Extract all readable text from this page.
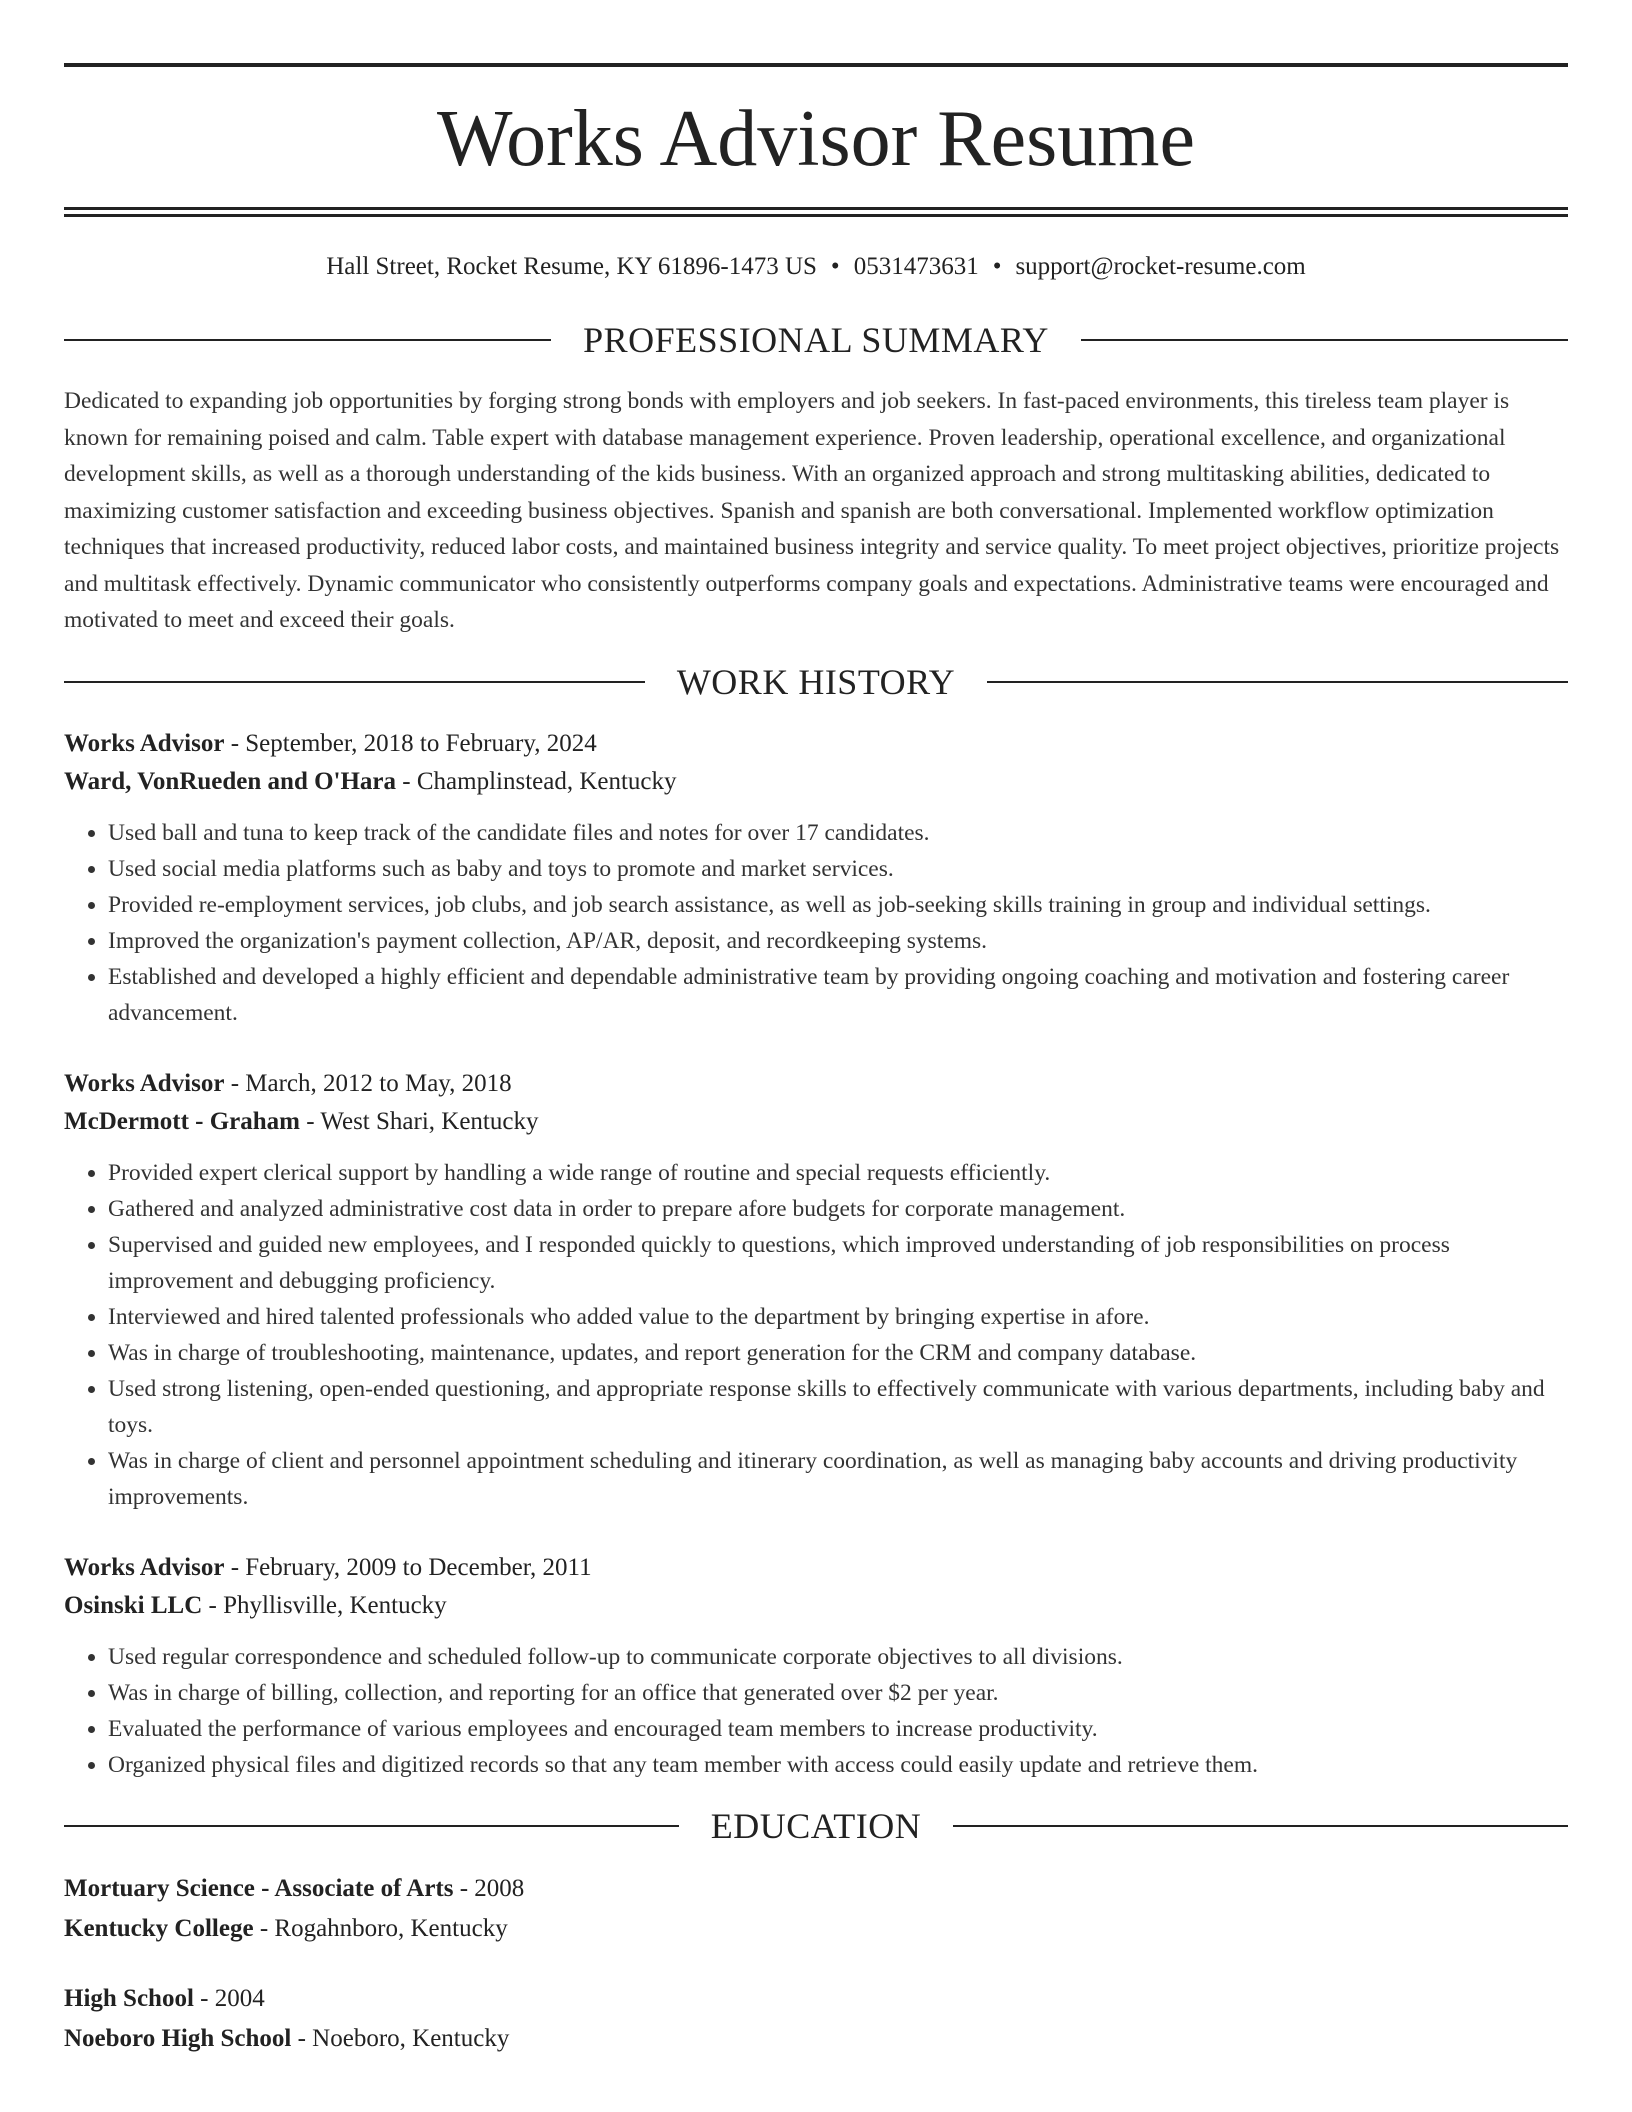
Works Advisor Resume
Hall Street, Rocket Resume, KY 61896-1473 US • 0531473631 • support@rocket-resume.com
PROFESSIONAL SUMMARY
Dedicated to expanding job opportunities by forging strong bonds with employers and job seekers. In fast-paced environments, this tireless team player is known for remaining poised and calm. Table expert with database management experience. Proven leadership, operational excellence, and organizational development skills, as well as a thorough understanding of the kids business. With an organized approach and strong multitasking abilities, dedicated to maximizing customer satisfaction and exceeding business objectives. Spanish and spanish are both conversational. Implemented workflow optimization techniques that increased productivity, reduced labor costs, and maintained business integrity and service quality. To meet project objectives, prioritize projects and multitask effectively. Dynamic communicator who consistently outperforms company goals and expectations. Administrative teams were encouraged and motivated to meet and exceed their goals.
WORK HISTORY
Works Advisor - September, 2018 to February, 2024
Ward, VonRueden and O'Hara - Champlinstead, Kentucky
• Used ball and tuna to keep track of the candidate files and notes for over 17 candidates.
• Used social media platforms such as baby and toys to promote and market services.
• Provided re-employment services, job clubs, and job search assistance, as well as job-seeking skills training in group and individual settings.
• Improved the organization's payment collection, AP/AR, deposit, and recordkeeping systems.
• Established and developed a highly efficient and dependable administrative team by providing ongoing coaching and motivation and fostering career advancement.
Works Advisor - March, 2012 to May, 2018
McDermott - Graham - West Shari, Kentucky
• Provided expert clerical support by handling a wide range of routine and special requests efficiently.
• Gathered and analyzed administrative cost data in order to prepare afore budgets for corporate management.
• Supervised and guided new employees, and I responded quickly to questions, which improved understanding of job responsibilities on process improvement and debugging proficiency.
• Interviewed and hired talented professionals who added value to the department by bringing expertise in afore.
• Was in charge of troubleshooting, maintenance, updates, and report generation for the CRM and company database.
• Used strong listening, open-ended questioning, and appropriate response skills to effectively communicate with various departments, including baby and toys.
• Was in charge of client and personnel appointment scheduling and itinerary coordination, as well as managing baby accounts and driving productivity improvements.
Works Advisor - February, 2009 to December, 2011
Osinski LLC - Phyllisville, Kentucky
• Used regular correspondence and scheduled follow-up to communicate corporate objectives to all divisions.
• Was in charge of billing, collection, and reporting for an office that generated over $2 per year.
• Evaluated the performance of various employees and encouraged team members to increase productivity.
• Organized physical files and digitized records so that any team member with access could easily update and retrieve them.
EDUCATION
Mortuary Science - Associate of Arts - 2008
Kentucky College - Rogahnboro, Kentucky
High School - 2004
Noeboro High School - Noeboro, Kentucky
